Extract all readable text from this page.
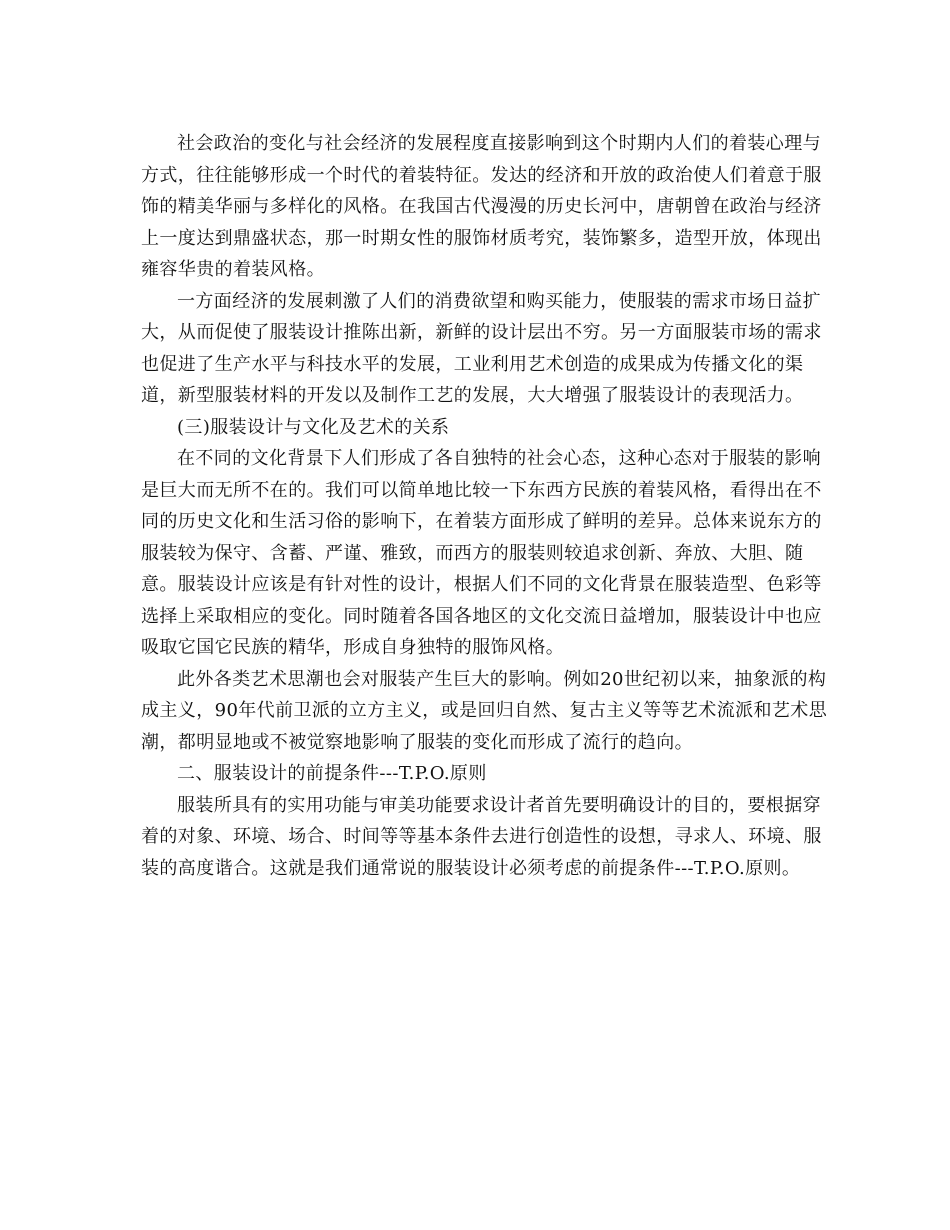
社会政治的变化与社会经济的发展程度直接影响到这个时期内人们的着装心理与方式，往往能够形成一个时代的着装特征。发达的经济和开放的政治使人们着意于服饰的精美华丽与多样化的风格。在我国古代漫漫的历史长河中，唐朝曾在政治与经济上一度达到鼎盛状态，那一时期女性的服饰材质考究，装饰繁多，造型开放，体现出雍容华贵的着装风格。

一方面经济的发展刺激了人们的消费欲望和购买能力，使服装的需求市场日益扩大，从而促使了服装设计推陈出新，新鲜的设计层出不穷。另一方面服装市场的需求也促进了生产水平与科技水平的发展，工业利用艺术创造的成果成为传播文化的渠道，新型服装材料的开发以及制作工艺的发展，大大增强了服装设计的表现活力。

(三)服装设计与文化及艺术的关系

在不同的文化背景下人们形成了各自独特的社会心态，这种心态对于服装的影响是巨大而无所不在的。我们可以简单地比较一下东西方民族的着装风格，看得出在不同的历史文化和生活习俗的影响下，在着装方面形成了鲜明的差异。总体来说东方的服装较为保守、含蓄、严谨、雅致，而西方的服装则较追求创新、奔放、大胆、随意。服装设计应该是有针对性的设计，根据人们不同的文化背景在服装造型、色彩等选择上采取相应的变化。同时随着各国各地区的文化交流日益增加，服装设计中也应吸取它国它民族的精华，形成自身独特的服饰风格。

此外各类艺术思潮也会对服装产生巨大的影响。例如20世纪初以来，抽象派的构成主义，90年代前卫派的立方主义，或是回归自然、复古主义等等艺术流派和艺术思潮，都明显地或不被觉察地影响了服装的变化而形成了流行的趋向。

二、服装设计的前提条件---T.P.O.原则

服装所具有的实用功能与审美功能要求设计者首先要明确设计的目的，要根据穿着的对象、环境、场合、时间等等基本条件去进行创造性的设想，寻求人、环境、服装的高度谐合。这就是我们通常说的服装设计必须考虑的前提条件---T.P.O.原则。
